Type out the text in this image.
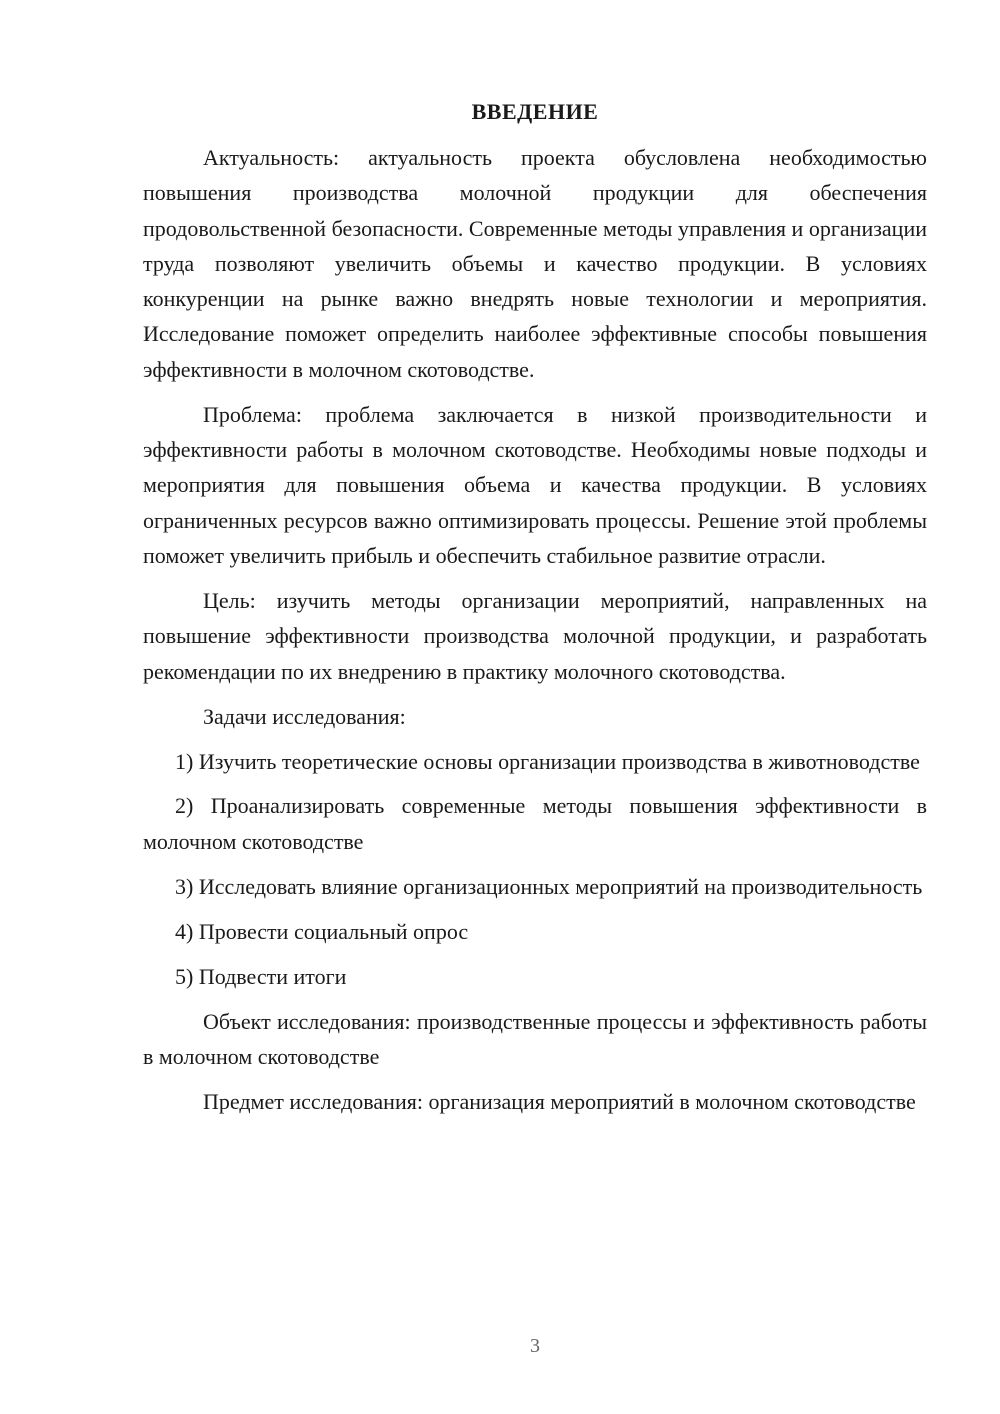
ВВЕДЕНИЕ

Актуальность: актуальность проекта обусловлена необходимостью повышения производства молочной продукции для обеспечения продовольственной безопасности. Современные методы управления и организации труда позволяют увеличить объемы и качество продукции. В условиях конкуренции на рынке важно внедрять новые технологии и мероприятия. Исследование поможет определить наиболее эффективные способы повышения эффективности в молочном скотоводстве.

Проблема: проблема заключается в низкой производительности и эффективности работы в молочном скотоводстве. Необходимы новые подходы и мероприятия для повышения объема и качества продукции. В условиях ограниченных ресурсов важно оптимизировать процессы. Решение этой проблемы поможет увеличить прибыль и обеспечить стабильное развитие отрасли.

Цель: изучить методы организации мероприятий, направленных на повышение эффективности производства молочной продукции, и разработать рекомендации по их внедрению в практику молочного скотоводства.

Задачи исследования:

1) Изучить теоретические основы организации производства в животноводстве

2) Проанализировать современные методы повышения эффективности в молочном скотоводстве

3) Исследовать влияние организационных мероприятий на производительность

4) Провести социальный опрос

5) Подвести итоги

Объект исследования: производственные процессы и эффективность работы в молочном скотоводстве

Предмет исследования: организация мероприятий в молочном скотоводстве

3
